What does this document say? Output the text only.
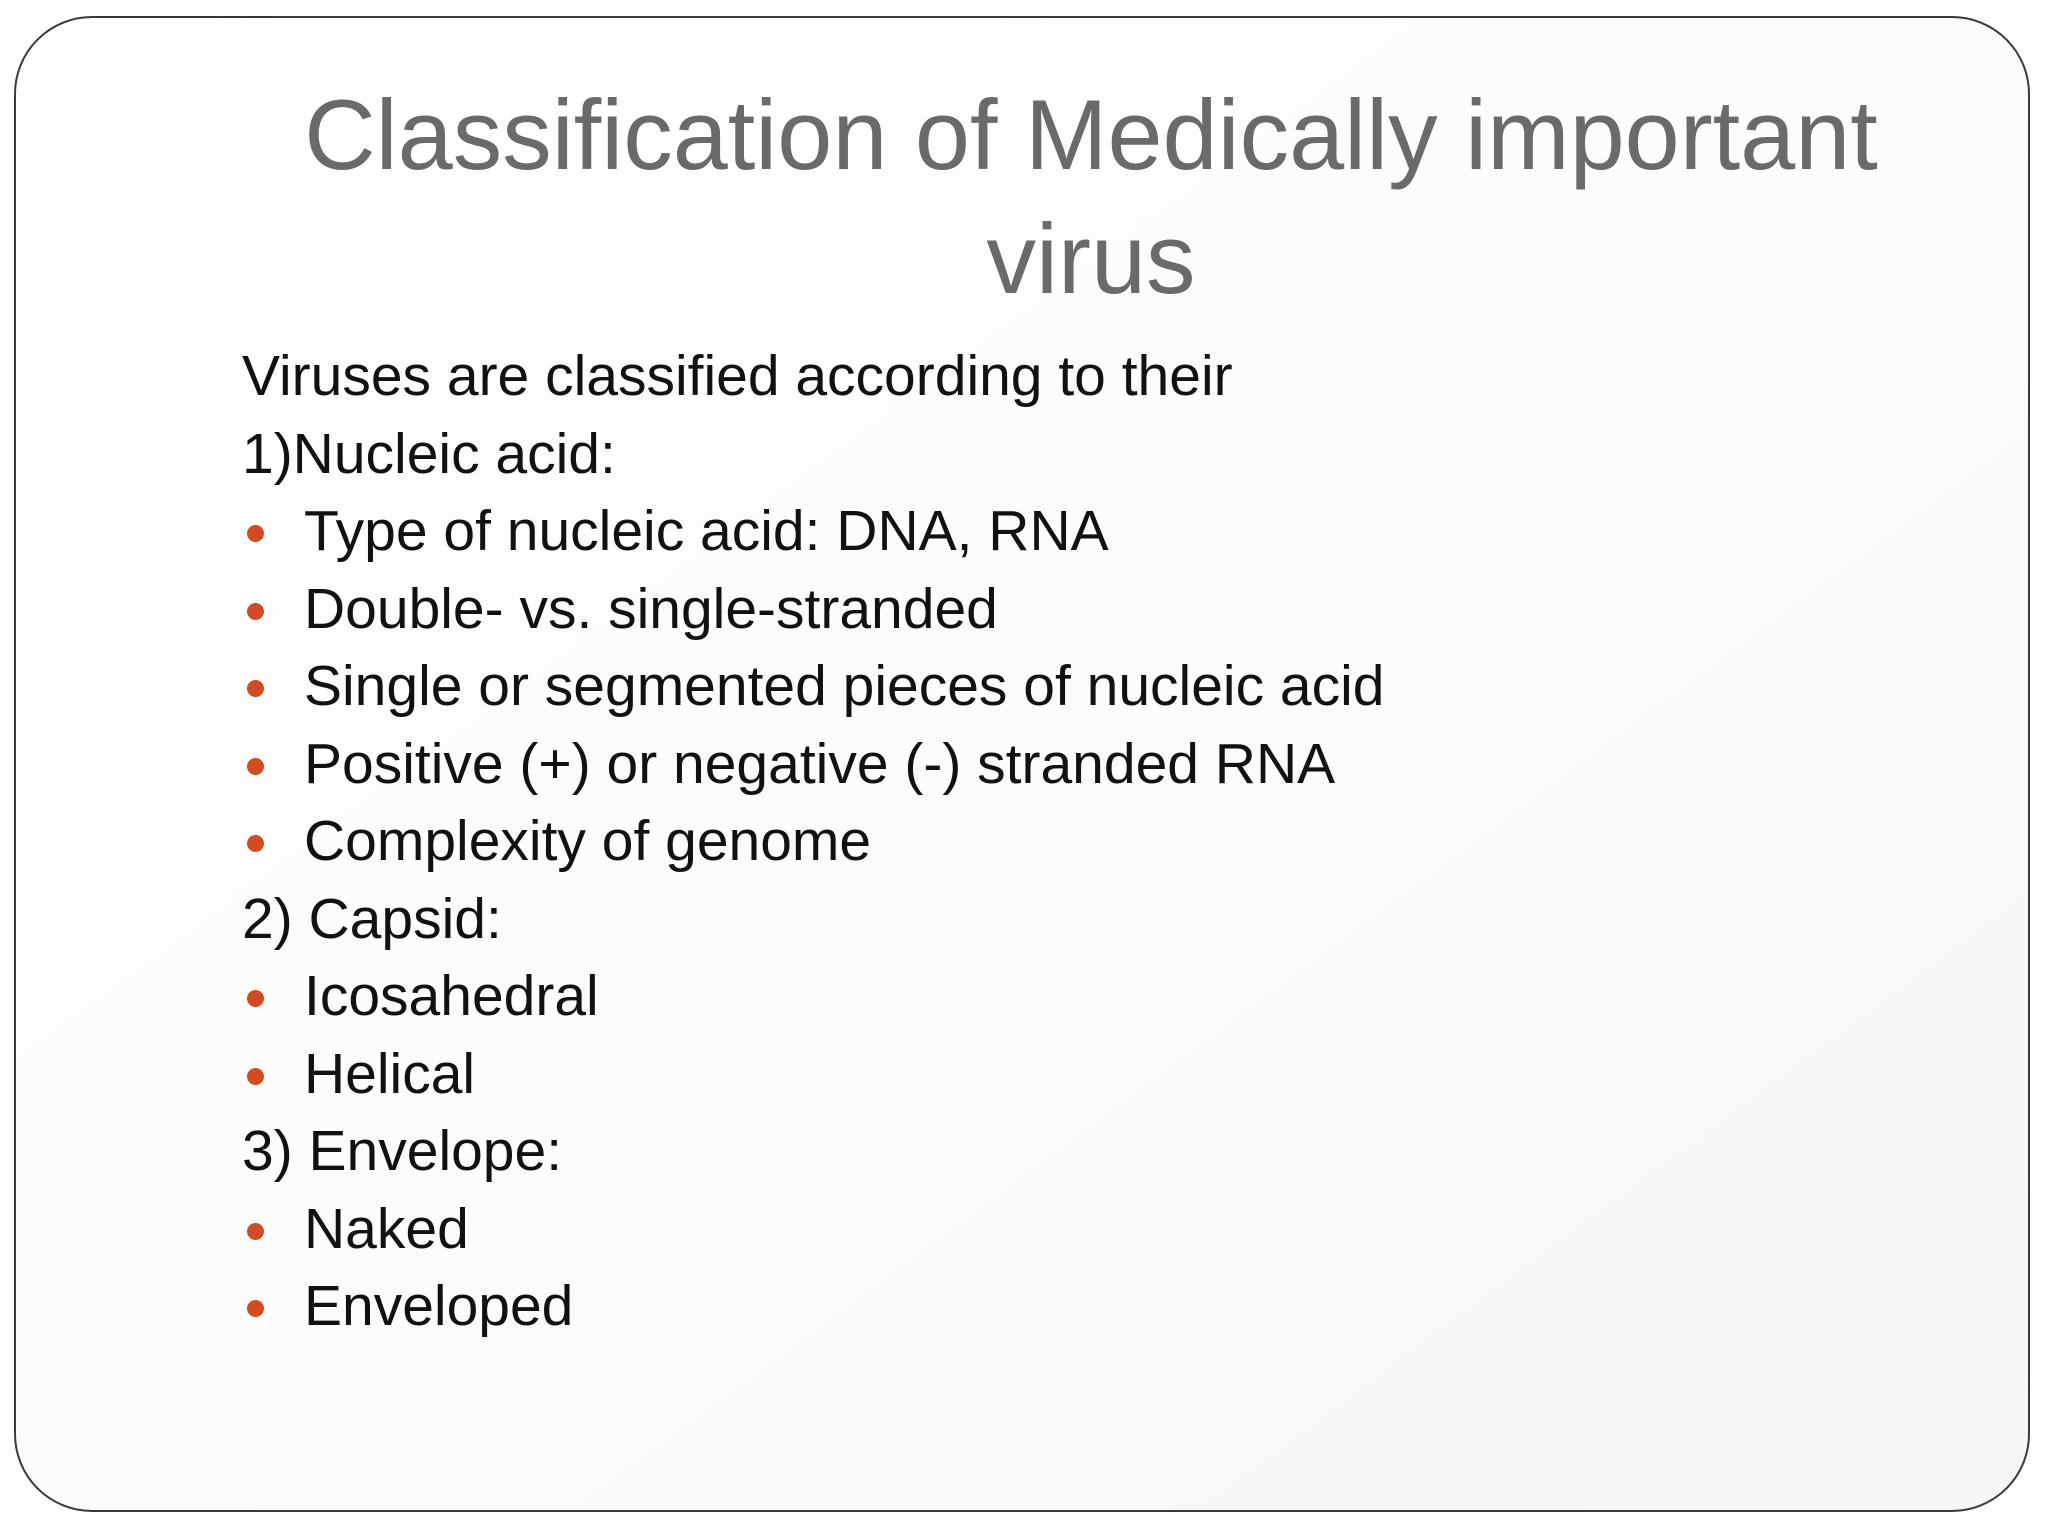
Classification of Medically important virus
Viruses are classified according to their
1)Nucleic acid:
Type of nucleic acid: DNA, RNA
Double- vs. single-stranded
Single or segmented pieces of nucleic acid
Positive (+) or negative (-) stranded RNA
Complexity of genome
2) Capsid:
Icosahedral
Helical
3) Envelope:
Naked
Enveloped
